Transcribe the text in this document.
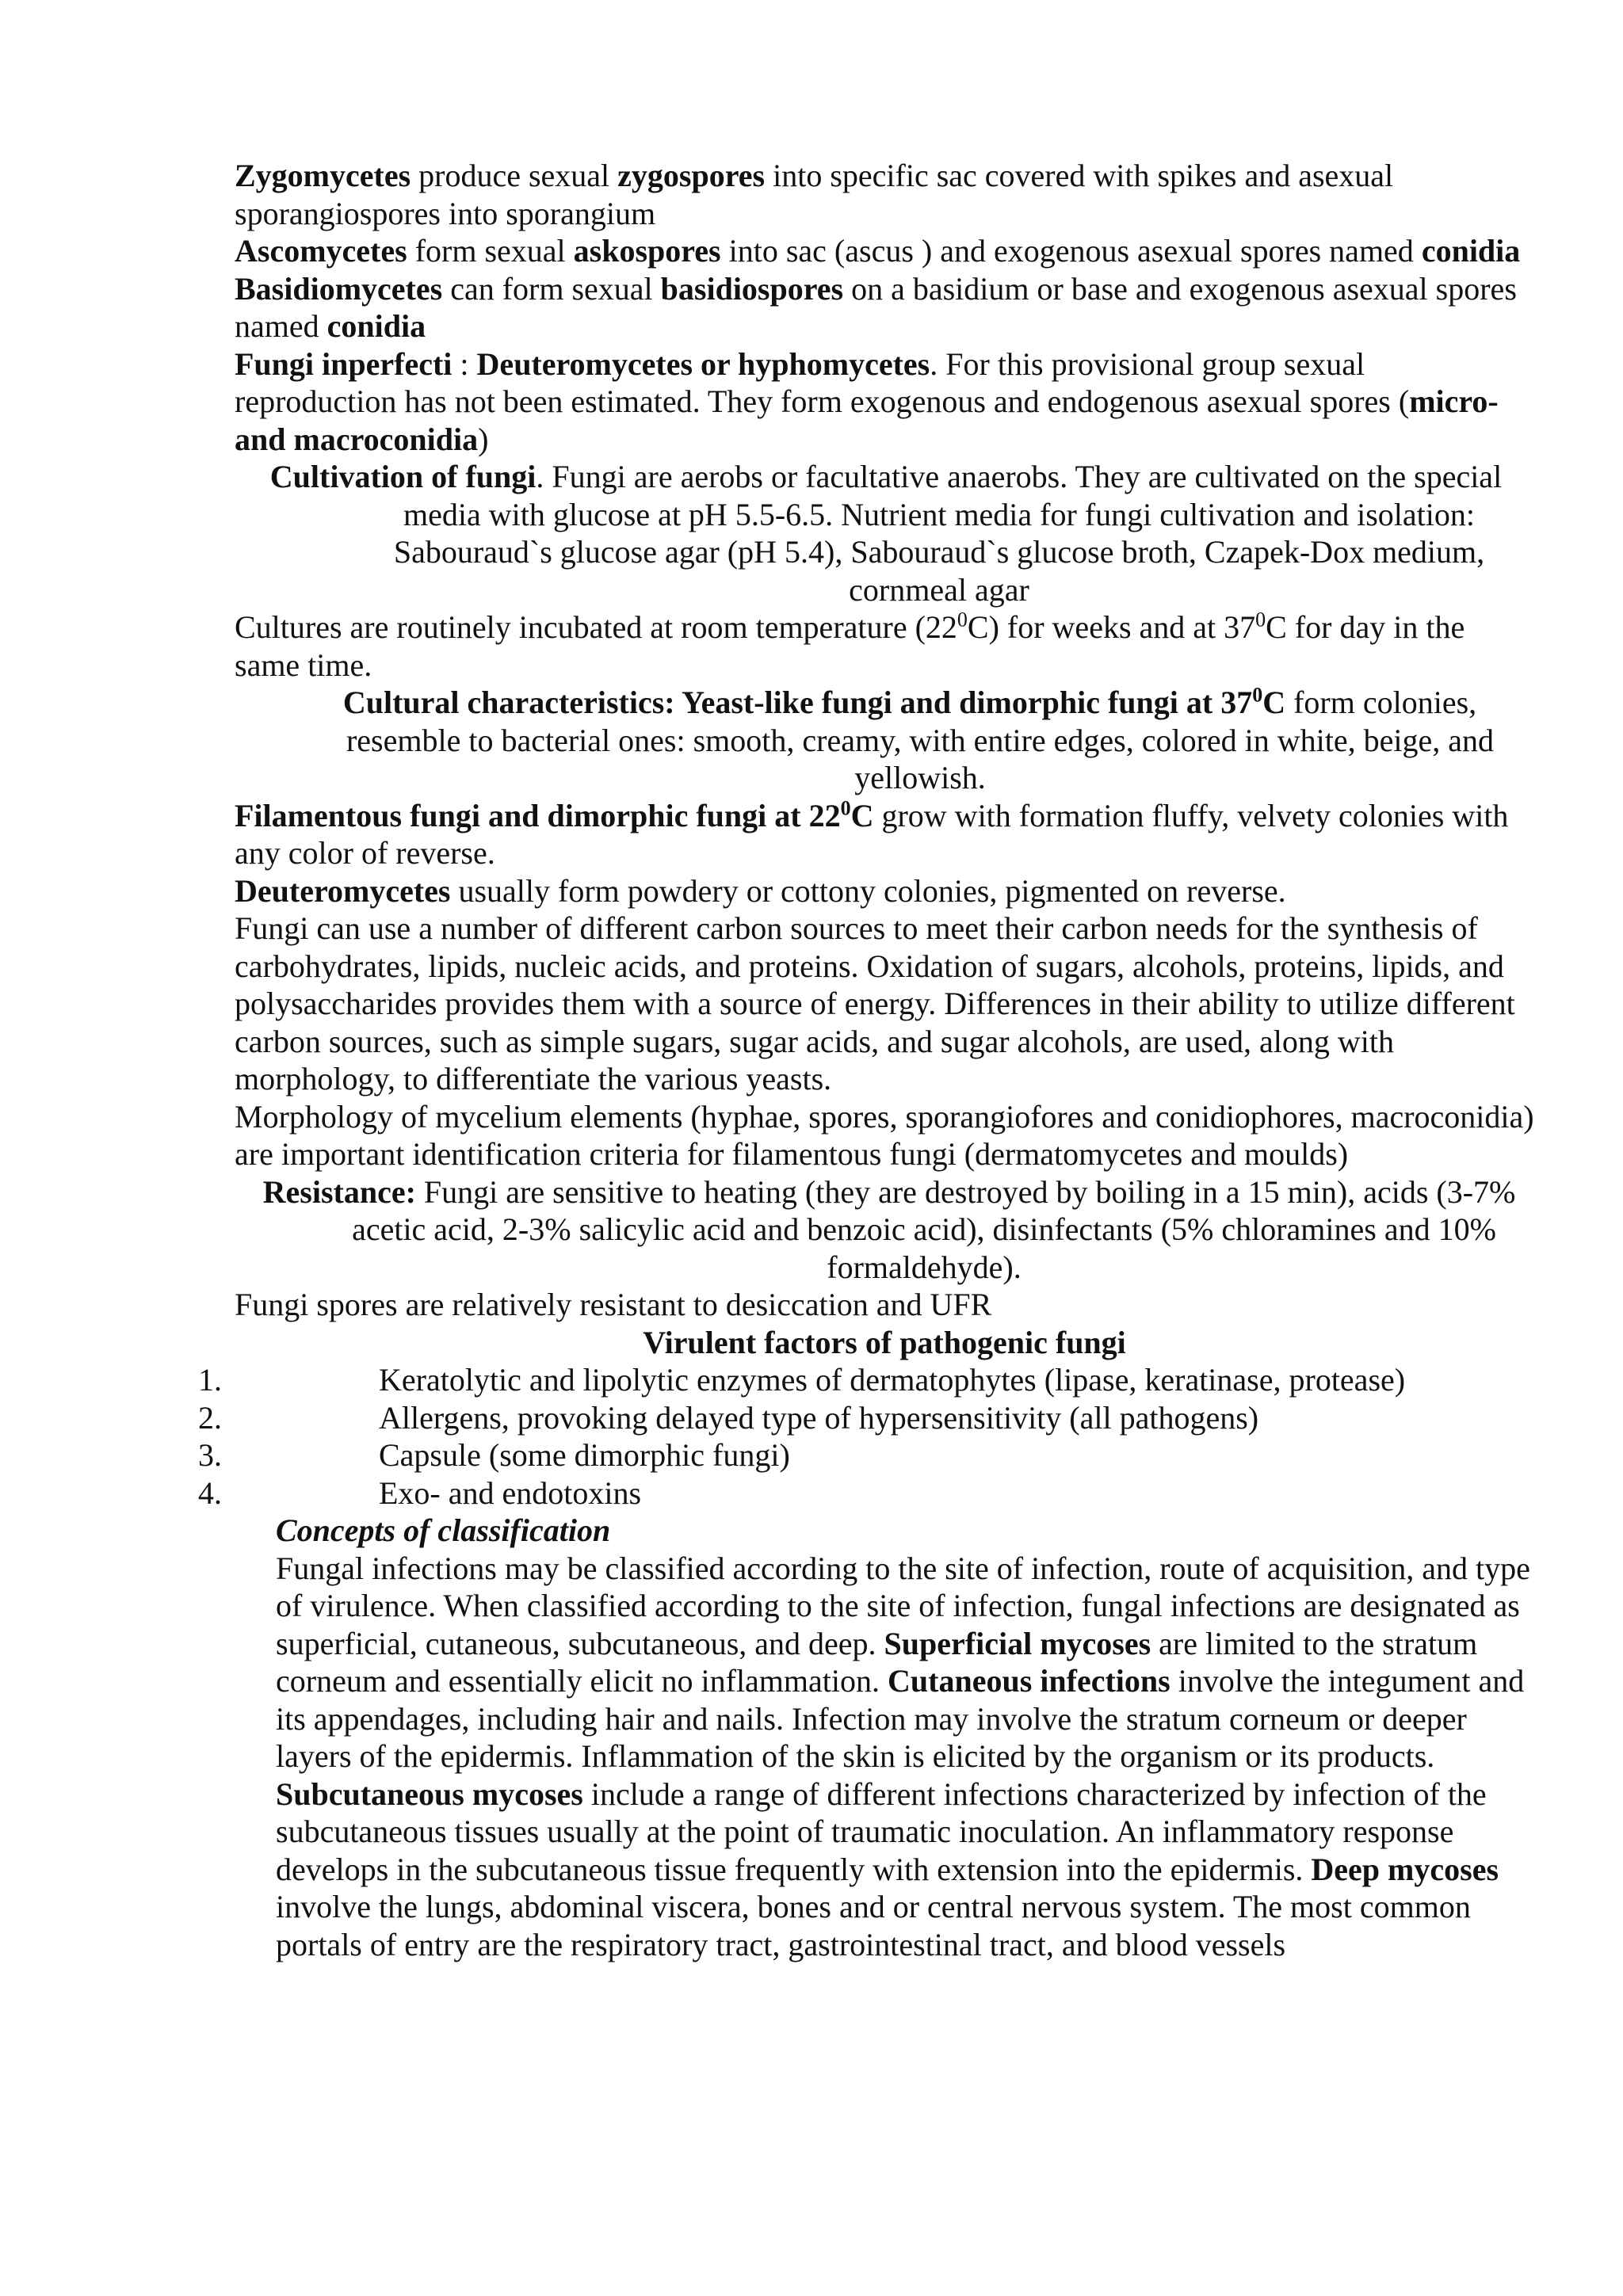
Zygomycetes produce sexual zygospores into specific sac covered with spikes and asexual sporangiospores into sporangium

Ascomycetes form sexual askospores into sac (ascus ) and exogenous asexual spores named conidia

Basidiomycetes can form sexual basidiospores on a basidium or base and exogenous asexual spores named conidia

Fungi inperfecti : Deuteromycetes or hyphomycetes. For this provisional group sexual reproduction has not been estimated. They form exogenous and endogenous asexual spores (micro- and macroconidia)

Cultivation of fungi. Fungi are aerobs or facultative anaerobs. They are cultivated on the special media with glucose at pH 5.5-6.5. Nutrient media for fungi cultivation and isolation: Sabouraud`s glucose agar (pH 5.4), Sabouraud`s glucose broth, Czapek-Dox medium, cornmeal agar

Cultures are routinely incubated at room temperature $(22^0C)$ for weeks and at $37^0C$ for day in the same time.

Cultural characteristics: Yeast-like fungi and dimorphic fungi at $37^0C$ form colonies, resemble to bacterial ones: smooth, creamy, with entire edges, colored in white, beige, and yellowish.

Filamentous fungi and dimorphic fungi at $22^0C$ grow with formation fluffy, velvety colonies with any color of reverse.

Deuteromycetes usually form powdery or cottony colonies, pigmented on reverse.

Fungi can use a number of different carbon sources to meet their carbon needs for the synthesis of carbohydrates, lipids, nucleic acids, and proteins. Oxidation of sugars, alcohols, proteins, lipids, and polysaccharides provides them with a source of energy. Differences in their ability to utilize different carbon sources, such as simple sugars, sugar acids, and sugar alcohols, are used, along with morphology, to differentiate the various yeasts.

Morphology of mycelium elements (hyphae, spores, sporangiofores and conidiophores, macroconidia) are important identification criteria for filamentous fungi (dermatomycetes and moulds)

Resistance: Fungi are sensitive to heating (they are destroyed by boiling in a 15 min), acids (3-7% acetic acid, 2-3% salicylic acid and benzoic acid), disinfectants (5% chloramines and 10% formaldehyde).

Fungi spores are relatively resistant to desiccation and UFR

Virulent factors of pathogenic fungi

1.	Keratolytic and lipolytic enzymes of dermatophytes (lipase, keratinase, protease)
2.	Allergens, provoking delayed type of hypersensitivity (all pathogens)
3.	Capsule (some dimorphic fungi)
4.	Exo- and endotoxins

Concepts of classification

Fungal infections may be classified according to the site of infection, route of acquisition, and type of virulence. When classified according to the site of infection, fungal infections are designated as superficial, cutaneous, subcutaneous, and deep. Superficial mycoses are limited to the stratum corneum and essentially elicit no inflammation. Cutaneous infections involve the integument and its appendages, including hair and nails. Infection may involve the stratum corneum or deeper layers of the epidermis. Inflammation of the skin is elicited by the organism or its products. Subcutaneous mycoses include a range of different infections characterized by infection of the subcutaneous tissues usually at the point of traumatic inoculation. An inflammatory response develops in the subcutaneous tissue frequently with extension into the epidermis. Deep mycoses involve the lungs, abdominal viscera, bones and or central nervous system. The most common portals of entry are the respiratory tract, gastrointestinal tract, and blood vessels
